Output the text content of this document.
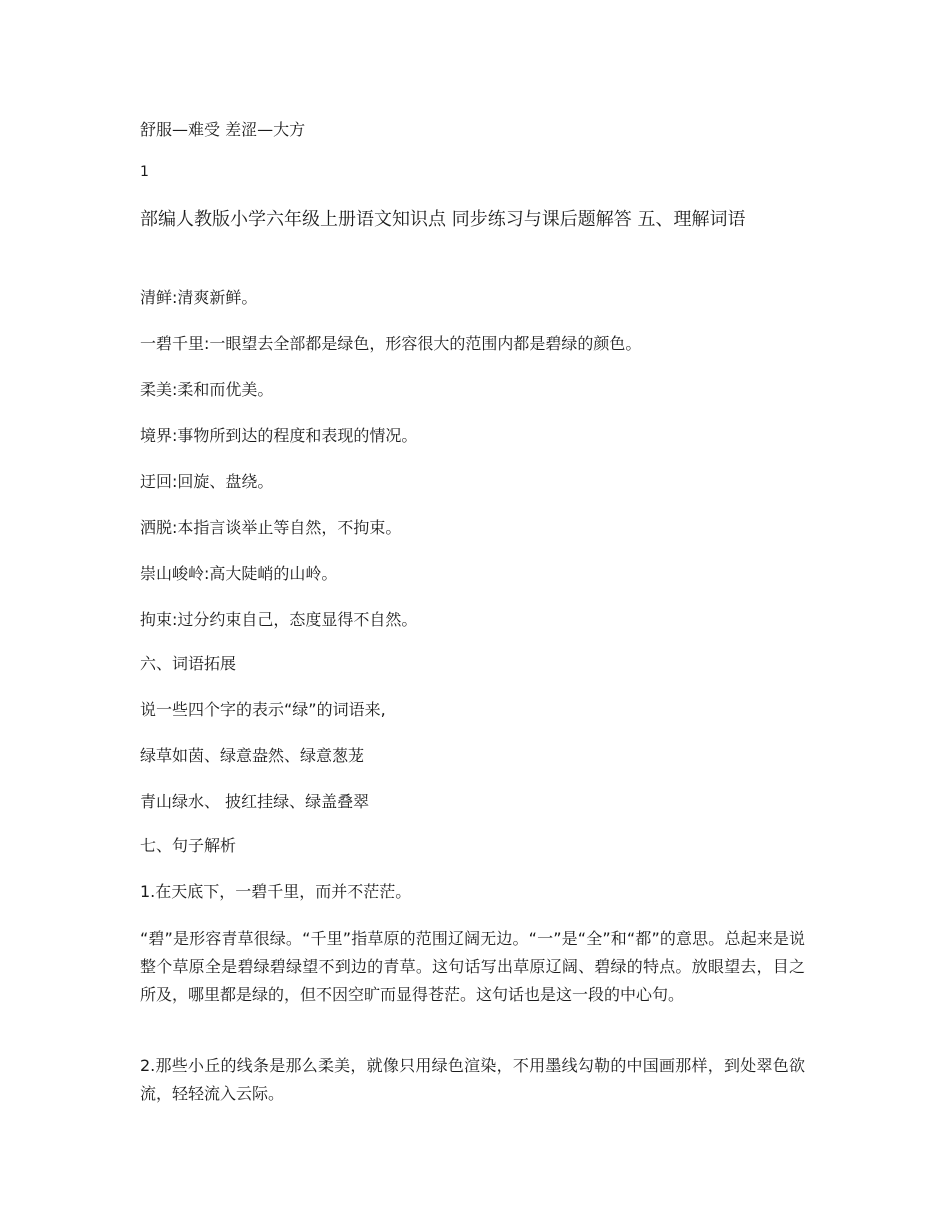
舒服—难受 差涩—大方
1
部编人教版小学六年级上册语文知识点 同步练习与课后题解答 五、理解词语
清鲜:清爽新鲜。
一碧千里:一眼望去全部都是绿色，形容很大的范围内都是碧绿的颜色。
柔美:柔和而优美。
境界:事物所到达的程度和表现的情况。
迂回:回旋、盘绕。
洒脱:本指言谈举止等自然，不拘束。
崇山峻岭:高大陡峭的山岭。
拘束:过分约束自己，态度显得不自然。
六、词语拓展
说一些四个字的表示“绿”的词语来,
绿草如茵、绿意盎然、绿意葱茏
青山绿水、 披红挂绿、绿盖叠翠
七、句子解析
1.在天底下，一碧千里，而并不茫茫。
“碧”是形容青草很绿。“千里”指草原的范围辽阔无边。“一”是“全”和“都”的意思。总起来是说整个草原全是碧绿碧绿望不到边的青草。这句话写出草原辽阔、碧绿的特点。放眼望去，目之所及，哪里都是绿的，但不因空旷而显得苍茫。这句话也是这一段的中心句。
2.那些小丘的线条是那么柔美，就像只用绿色渲染，不用墨线勾勒的中国画那样，到处翠色欲流，轻轻流入云际。
